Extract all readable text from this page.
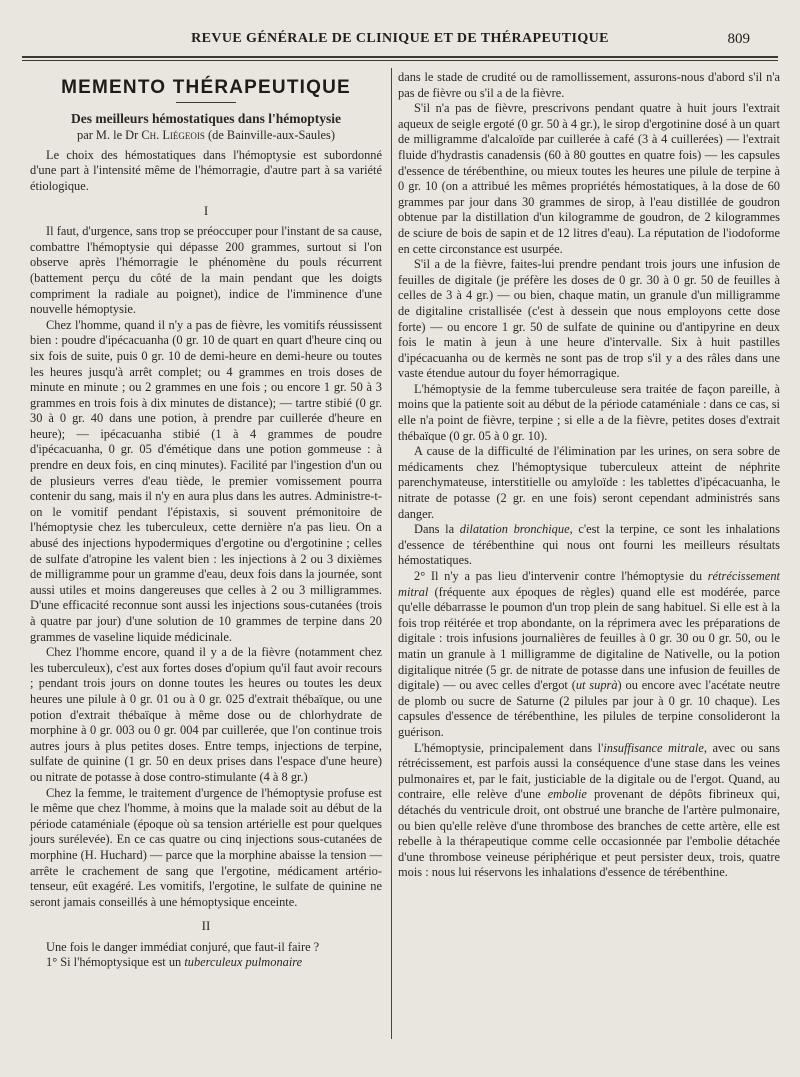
REVUE GÉNÉRALE DE CLINIQUE ET DE THÉRAPEUTIQUE	809
MEMENTO THÉRAPEUTIQUE
Des meilleurs hémostatiques dans l'hémoptysie
par M. le Dr Ch. Liégeois (de Bainville-aux-Saules)

Le choix des hémostatiques dans l'hémoptysie est subordonné d'une part à l'intensité même de l'hémorragie, d'autre part à sa variété étiologique.

I

Il faut, d'urgence, sans trop se préoccuper pour l'instant de sa cause, combattre l'hémoptysie qui dépasse 200 grammes, surtout si l'on observe après l'hémorragie le phénomène du pouls récurrent (battement perçu du côté de la main pendant que les doigts compriment la radiale au poignet), indice de l'imminence d'une nouvelle hémoptysie.

Chez l'homme, quand il n'y a pas de fièvre, les vomitifs réussissent bien : poudre d'ipécacuanha (0 gr. 10 de quart en quart d'heure cinq ou six fois de suite, puis 0 gr. 10 de demi-heure en demi-heure ou toutes les heures jusqu'à arrêt complet; ou 4 grammes en trois doses de minute en minute ; ou 2 grammes en une fois ; ou encore 1 gr. 50 à 3 grammes en trois fois à dix minutes de distance); — tartre stibié (0 gr. 30 à 0 gr. 40 dans une potion, à prendre par cuillerée d'heure en heure); — ipécacuanha stibié (1 à 4 grammes de poudre d'ipécacuanha, 0 gr. 05 d'émétique dans une potion gommeuse : à prendre en deux fois, en cinq minutes). Facilité par l'ingestion d'un ou de plusieurs verres d'eau tiède, le premier vomissement pourra contenir du sang, mais il n'y en aura plus dans les autres. Administre-t-on le vomitif pendant l'épistaxis, si souvent prémonitoire de l'hémoptysie chez les tuberculeux, cette dernière n'a pas lieu. On a abusé des injections hypodermiques d'ergotine ou d'ergotinine ; celles de sulfate d'atropine les valent bien : les injections à 2 ou 3 dixièmes de milligramme pour un gramme d'eau, deux fois dans la journée, sont aussi utiles et moins dangereuses que celles à 2 ou 3 milligrammes. D'une efficacité reconnue sont aussi les injections sous-cutanées (trois à quatre par jour) d'une solution de 10 grammes de terpine dans 20 grammes de vaseline liquide médicinale.

Chez l'homme encore, quand il y a de la fièvre (notamment chez les tuberculeux), c'est aux fortes doses d'opium qu'il faut avoir recours ; pendant trois jours on donne toutes les heures ou toutes les deux heures une pilule à 0 gr. 01 ou à 0 gr. 025 d'extrait thébaïque, ou une potion d'extrait thébaïque à même dose ou de chlorhydrate de morphine à 0 gr. 003 ou 0 gr. 004 par cuillerée, que l'on continue trois autres jours à plus petites doses. Entre temps, injections de terpine, sulfate de quinine (1 gr. 50 en deux prises dans l'espace d'une heure) ou nitrate de potasse à dose contro-stimulante (4 à 8 gr.)

Chez la femme, le traitement d'urgence de l'hémoptysie profuse est le même que chez l'homme, à moins que la malade soit au début de la période cataméniale (époque où sa tension artérielle est pour quelques jours surélevée). En ce cas quatre ou cinq injections sous-cutanées de morphine (H. Huchard) — parce que la morphine abaisse la tension — arrête le crachement de sang que l'ergotine, médicament artério-tenseur, eût exagéré. Les vomitifs, l'ergotine, le sulfate de quinine ne seront jamais conseillés à une hémoptysique enceinte.

II

Une fois le danger immédiat conjuré, que faut-il faire ?

1° Si l'hémoptysique est un tuberculeux pulmonaire

dans le stade de crudité ou de ramollissement, assurons-nous d'abord s'il n'a pas de fièvre ou s'il a de la fièvre.

S'il n'a pas de fièvre, prescrivons pendant quatre à huit jours l'extrait aqueux de seigle ergoté (0 gr. 50 à 4 gr.), le sirop d'ergotinine dosé à un quart de milligramme d'alcaloïde par cuillerée à café (3 à 4 cuillerées) — l'extrait fluide d'hydrastis canadensis (60 à 80 gouttes en quatre fois) — les capsules d'essence de térébenthine, ou mieux toutes les heures une pilule de terpine à 0 gr. 10 (on a attribué les mêmes propriétés hémostatiques, à la dose de 60 grammes par jour dans 30 grammes de sirop, à l'eau distillée de goudron obtenue par la distillation d'un kilogramme de goudron, de 2 kilogrammes de sciure de bois de sapin et de 12 litres d'eau). La réputation de l'iodoforme en cette circonstance est usurpée.

S'il a de la fièvre, faites-lui prendre pendant trois jours une infusion de feuilles de digitale (je préfère les doses de 0 gr. 30 à 0 gr. 50 de feuilles à celles de 3 à 4 gr.) — ou bien, chaque matin, un granule d'un milligramme de digitaline cristallisée (c'est à dessein que nous employons cette dose forte) — ou encore 1 gr. 50 de sulfate de quinine ou d'antipyrine en deux fois le matin à jeun à une heure d'intervalle. Six à huit pastilles d'ipécacuanha ou de kermès ne sont pas de trop s'il y a des râles dans une vaste étendue autour du foyer hémorragique.

L'hémoptysie de la femme tuberculeuse sera traitée de façon pareille, à moins que la patiente soit au début de la période cataméniale : dans ce cas, si elle n'a point de fièvre, terpine ; si elle a de la fièvre, petites doses d'extrait thébaïque (0 gr. 05 à 0 gr. 10).

A cause de la difficulté de l'élimination par les urines, on sera sobre de médicaments chez l'hémoptysique tuberculeux atteint de néphrite parenchymateuse, interstitielle ou amyloïde : les tablettes d'ipécacuanha, le nitrate de potasse (2 gr. en une fois) seront cependant administrés sans danger.

Dans la dilatation bronchique, c'est la terpine, ce sont les inhalations d'essence de térébenthine qui nous ont fourni les meilleurs résultats hémostatiques.

2° Il n'y a pas lieu d'intervenir contre l'hémoptysie du rétrécissement mitral (fréquente aux époques de règles) quand elle est modérée, parce qu'elle débarrasse le poumon d'un trop plein de sang habituel. Si elle est à la fois trop réitérée et trop abondante, on la réprimera avec les préparations de digitale : trois infusions journalières de feuilles à 0 gr. 30 ou 0 gr. 50, ou le matin un granule à 1 milligramme de digitaline de Nativelle, ou la potion digitalique nitrée (5 gr. de nitrate de potasse dans une infusion de feuilles de digitale) — ou avec celles d'ergot (ut suprà) ou encore avec l'acétate neutre de plomb ou sucre de Saturne (2 pilules par jour à 0 gr. 10 chaque). Les capsules d'essence de térébenthine, les pilules de terpine consolideront la guérison.

L'hémoptysie, principalement dans l'insuffisance mitrale, avec ou sans rétrécissement, est parfois aussi la conséquence d'une stase dans les veines pulmonaires et, par le fait, justiciable de la digitale ou de l'ergot. Quand, au contraire, elle relève d'une embolie provenant de dépôts fibrineux qui, détachés du ventricule droit, ont obstrué une branche de l'artère pulmonaire, ou bien qu'elle relève d'une thrombose des branches de cette artère, elle est rebelle à la thérapeutique comme celle occasionnée par l'embolie détachée d'une thrombose veineuse périphérique et peut persister deux, trois, quatre mois : nous lui réservons les inhalations d'essence de térébenthine.
